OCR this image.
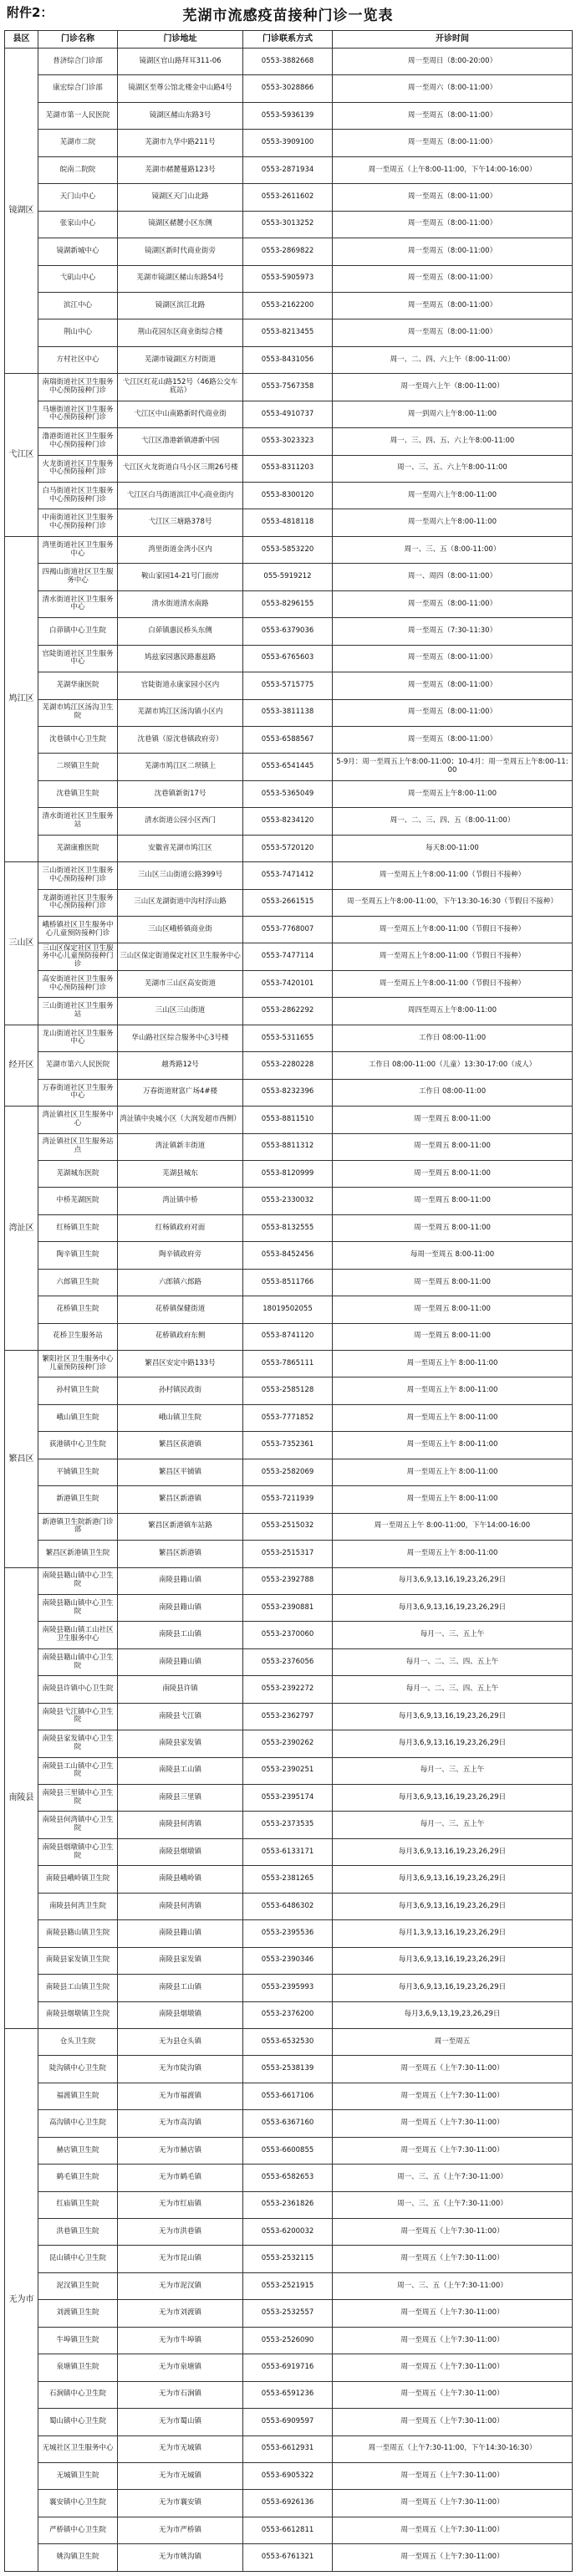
附件2：	芜湖市流感疫苗接种门诊一览表
县区	门诊名称	门诊地址	门诊联系方式	开诊时间
镜湖区	普济综合门诊部	镜湖区官山路拜耳311-06	0553-3882668	周一至周日（8:00-20:00）
	康宏综合门诊部	镜湖区至尊公馆北楼金中山路4号	0553-3028866	周一至周六（8:00-11:00）
	芜湖市第一人民医院	镜湖区赭山东路3号	0553-5936139	周一至周五（8:00-11:00）
	芜湖市二院	芜湖市九华中路211号	0553-3909100	周一至周五（8:00-11:00）
	皖南二院院	芜湖市赭麓蔓路123号	0553-2871934	周一至周五（上午8:00-11:00，下午14:00-16:00）
	天门山中心	镜湖区天门山北路	0553-2611602	周一至周五（8:00-11:00）
	张家山中心	镜湖区赭麓小区东侧	0553-3013252	周一至周五（8:00-11:00）
	镜湖新城中心	镜湖区新时代商业街旁	0553-2869822	周一至周五（8:00-11:00）
	弋矶山中心	芜湖市镜湖区赭山东路54号	0553-5905973	周一至周五（8:00-11:00）
	滨江中心	镜湖区滨江北路	0553-2162200	周一至周五（8:00-11:00）
	荆山中心	荆山花园东区商业街综合楼	0553-8213455	周一至周五（8:00-11:00）
	方村社区中心	芜湖市镜湖区方村街道	0553-8431056	周一、二、四、六上午（8:00-11:00）
弋江区	南瑞街道社区卫生服务中心预防接种门诊	弋江区红花山路152号（46路公交车底站）	0553-7567358	周一至周六上午（8:00-11:00）
	马塘街道社区卫生服务中心预防接种门诊	弋江区中山南路新时代商业街	0553-4910737	周一到周六上午8:00-11:00
	澛港街道社区卫生服务中心预防接种门诊	弋江区澛港新镇港新中园	0553-3023323	周一、三、四、五、六上午8:00-11:00
	火龙街道社区卫生服务中心预防接种门诊	弋江区火龙街道白马小区三期26号楼	0553-8311203	周一、三、五、六上午8:00-11:00
	白马街道社区卫生服务中心预防接种门诊	弋江区白马街道滨江中心商业街内	0553-8300120	周一至周六上午8:00-11:00
	中南街道社区卫生服务中心预防接种门诊	弋江区三塘路378号	0553-4818118	周一至周六上午8:00-11:00
鸠江区	湾里街道社区卫生服务中心	湾里街道金湾小区内	0553-5853220	周一、三、五（8:00-11:00）
	四褐山街道社区卫生服务中心	鞍山家园14-21号门面房	055-5919212	周一、周四（8:00-11:00）
	清水街道社区卫生服务中心	清水街道清水南路	0553-8296155	周一至周五（8:00-11:00）
	白茆镇中心卫生院	白茆镇惠民桥头东侧	0553-6379036	周一至周五（7:30-11:30）
	官陡街道社区卫生服务中心	鸠兹家园惠民路惠兹路	0553-6765603	周一至周五（8:00-11:00）
	芜湖华康医院	官陡街道永康家园小区内	0553-5715775	周一至周五（8:00-11:00）
	芜湖市鸠江区汤沟卫生院	芜湖市鸠江区汤沟镇小区内	0553-3811138	周一至周五（8:00-11:00）
	沈巷镇中心卫生院	沈巷镇（原沈巷镇政府旁）	0553-6588567	周一至周五（8:00-11:00）
	二坝镇卫生院	芜湖市鸠江区二坝镇上	0553-6541445	5-9月：周一至周五上午8:00-11:00；10-4月：周一至周五上午8:00-11:00
	沈巷镇卫生院	沈巷镇新街17号	0553-5365049	周一至周五上午8:00-11:00
	清水街道社区卫生服务站	清水街道公园小区西门	0553-8234120	周一、二、三、四、五（8:00-11:00）
	芜湖康雅医院	安徽省芜湖市鸠江区	0553-5720120	每天8:00-11:00
三山区	三山街道社区卫生服务中心预防接种门诊	三山区三山街道公路399号	0553-7471412	周一至周五上午8:00-11:00（节假日不接种）
	龙湖街道社区卫生服务中心预防接种门诊	三山区龙湖街道中沟村浮山路	0553-2661515	周一至周五上午8:00-11:00，下午13:30-16:30（节假日不接种）
	峨桥镇社区卫生服务中心儿童预防接种门诊	三山区峨桥镇商业街	0553-7768007	周一至周五上午8:00-11:00（节假日不接种）
	三山区保定社区卫生服务中心儿童预防接种门诊	三山区保定街道保定社区卫生服务中心	0553-7477114	周一至周五上午8:00-11:00（节假日不接种）
	高安街道社区卫生服务中心预防接种门诊	芜湖市三山区高安街道	0553-7420101	周一至周五上午8:00-11:00（节假日不接种）
	三山街道社区卫生服务站	三山区三山街道	0553-2862292	周四至周五上午8:00-11:00
经开区	龙山街道社区卫生服务中心	华山路社区综合服务中心3号楼	0553-5311655	工作日 08:00-11:00
	芜湖市第六人民医院	越秀路12号	0553-2280228	工作日 08:00-11:00（儿童）13:30-17:00（成人）
	万春街道社区卫生服务中心	万春街道财富广场4#楼	0553-8232396	工作日 08:00-11:00
湾沚区	湾沚镇社区卫生服务中心	湾沚镇中央城小区（大润发超市西侧）	0553-8811510	周一至周五 8:00-11:00
	湾沚镇社区卫生服务站点	湾沚镇新丰街道	0553-8811312	周一至周五 8:00-11:00
	芜湖城东医院	芜湖县城东	0553-8120999	周一至周五 8:00-11:00
	中桥芜湖医院	湾沚镇中桥	0553-2330032	周一至周五 8:00-11:00
	红杨镇卫生院	红杨镇政府对面	0553-8132555	周一至周五 8:00-11:00
	陶辛镇卫生院	陶辛镇政府旁	0553-8452456	每周一至周五 8:00-11:00
	六郎镇卫生院	六郎镇六郎路	0553-8511766	周一至周五 8:00-11:00
	花桥镇卫生院	花桥镇保健街道	18019502055	周一至周五 8:00-11:00
	花桥卫生服务站	花桥镇政府东侧	0553-8741120	周一至周五 8:00-11:00
繁昌区	繁阳社区卫生服务中心儿童预防接种门诊	繁昌区安定中路133号	0553-7865111	周一至周五上午 8:00-11:00
	孙村镇卫生院	孙村镇民政街	0553-2585128	周一至周五上午 8:00-11:00
	峨山镇卫生院	峨山镇卫生院	0553-7771852	周一至周五上午 8:00-11:00
	荻港镇中心卫生院	繁昌区荻港镇	0553-7352361	周一至周五上午 8:00-11:00
	平铺镇卫生院	繁昌区平铺镇	0553-2582069	周一至周五上午 8:00-11:00
	新港镇卫生院	繁昌区新港镇	0553-7211939	周一至周五上午 8:00-11:00
	新港镇卫生院新港门诊部	繁昌区新港镇车站路	0553-2515032	周一至周五上午 8:00-11:00，下午14:00-16:00
	繁昌区新港镇卫生院	繁昌区新港镇	0553-2515317	周一至周五上午 8:00-11:00
南陵县	南陵县籍山镇中心卫生院	南陵县籍山镇	0553-2392788	每月3,6,9,13,16,19,23,26,29日
	南陵县籍山镇中心卫生院	南陵县籍山镇	0553-2390881	每月3,6,9,13,16,19,23,26,29日
	南陵县籍山镇工山社区卫生服务中心	南陵县工山镇	0553-2370060	每月一、三、五上午
	南陵县籍山镇中心卫生院	南陵县籍山镇	0553-2376056	每月一、二、三、四、五上午
	南陵县许镇中心卫生院	南陵县许镇	0553-2392272	每月一、二、三、四、五上午
	南陵县弋江镇中心卫生院	南陵县弋江镇	0553-2362797	每月3,6,9,13,16,19,23,26,29日
	南陵县家发镇中心卫生院	南陵县家发镇	0553-2390262	每月3,6,9,13,16,19,23,26,29日
	南陵县工山镇中心卫生院	南陵县工山镇	0553-2390251	每月一、三、五上午
	南陵县三里镇中心卫生院	南陵县三里镇	0553-2395174	每月3,6,9,13,16,19,23,26,29日
	南陵县何湾镇中心卫生院	南陵县何湾镇	0553-2373535	每月一、三、五上午
	南陵县烟墩镇中心卫生院	南陵县烟墩镇	0553-6133171	每月3,6,9,13,16,19,23,26,29日
	南陵县峨岭镇卫生院	南陵县峨岭镇	0553-2381265	每月3,6,9,13,16,19,23,26,29日
	南陵县何湾卫生院	南陵县何湾镇	0553-6486302	每月3,6,9,13,16,19,23,26,29日
	南陵县籍山镇卫生院	南陵县籍山镇	0553-2395536	每月1,3,9,13,16,19,23,26,29日
	南陵县家发镇卫生院	南陵县家发镇	0553-2390346	每月3,6,9,13,16,19,23,26,29日
	南陵县工山镇卫生院	南陵县工山镇	0553-2395993	每月3,6,9,13,16,19,23,26,29日
	南陵县烟墩镇卫生院	南陵县烟墩镇	0553-2376200	每月3,6,9,13,19,23,26,29日
无为市	仓头卫生院	无为县仓头镇	0553-6532530	周一至周五
	陡沟镇中心卫生院	无为市陡沟镇	0553-2538139	周一至周五（上午7:30-11:00）
	福渡镇卫生院	无为市福渡镇	0553-6617106	周一至周五（上午7:30-11:00）
	高沟镇中心卫生院	无为市高沟镇	0553-6367160	周一至周五（上午7:30-11:00）
	赫店镇卫生院	无为市赫店镇	0553-6600855	周一至周五（上午7:30-11:00）
	鹤毛镇卫生院	无为市鹤毛镇	0553-6582653	周一、三、五（上午7:30-11:00）
	红庙镇卫生院	无为市红庙镇	0553-2361826	周一、三、五（上午7:30-11:00）
	洪巷镇卫生院	无为市洪巷镇	0553-6200032	周一至周五（上午7:30-11:00）
	昆山镇中心卫生院	无为市昆山镇	0553-2532115	周一至周五（上午7:30-11:00）
	泥汊镇卫生院	无为市泥汊镇	0553-2521915	周一、三、五（上午7:30-11:00）
	刘渡镇卫生院	无为市刘渡镇	0553-2532557	周一至周五（上午7:30-11:00）
	牛埠镇卫生院	无为市牛埠镇	0553-2526090	周一至周五（上午7:30-11:00）
	泉塘镇卫生院	无为市泉塘镇	0553-6919716	周一至周五（上午7:30-11:00）
	石涧镇中心卫生院	无为市石涧镇	0553-6591236	周一至周五（上午7:30-11:00）
	蜀山镇中心卫生院	无为市蜀山镇	0553-6909597	周一至周五（上午7:30-11:00）
	无城社区卫生服务中心	无为市无城镇	0553-6612931	周一至周五（上午7:30-11:00，下午14:30-16:30）
	无城镇卫生院	无为市无城镇	0553-6905322	周一至周五（上午7:30-11:00）
	襄安镇中心卫生院	无为市襄安镇	0553-6926136	周一至周五（上午7:30-11:00）
	严桥镇中心卫生院	无为市严桥镇	0553-6612811	周一至周五（上午7:30-11:00）
	姚沟镇卫生院	无为市姚沟镇	0553-6761321	周一至周五（上午7:30-11:00）
